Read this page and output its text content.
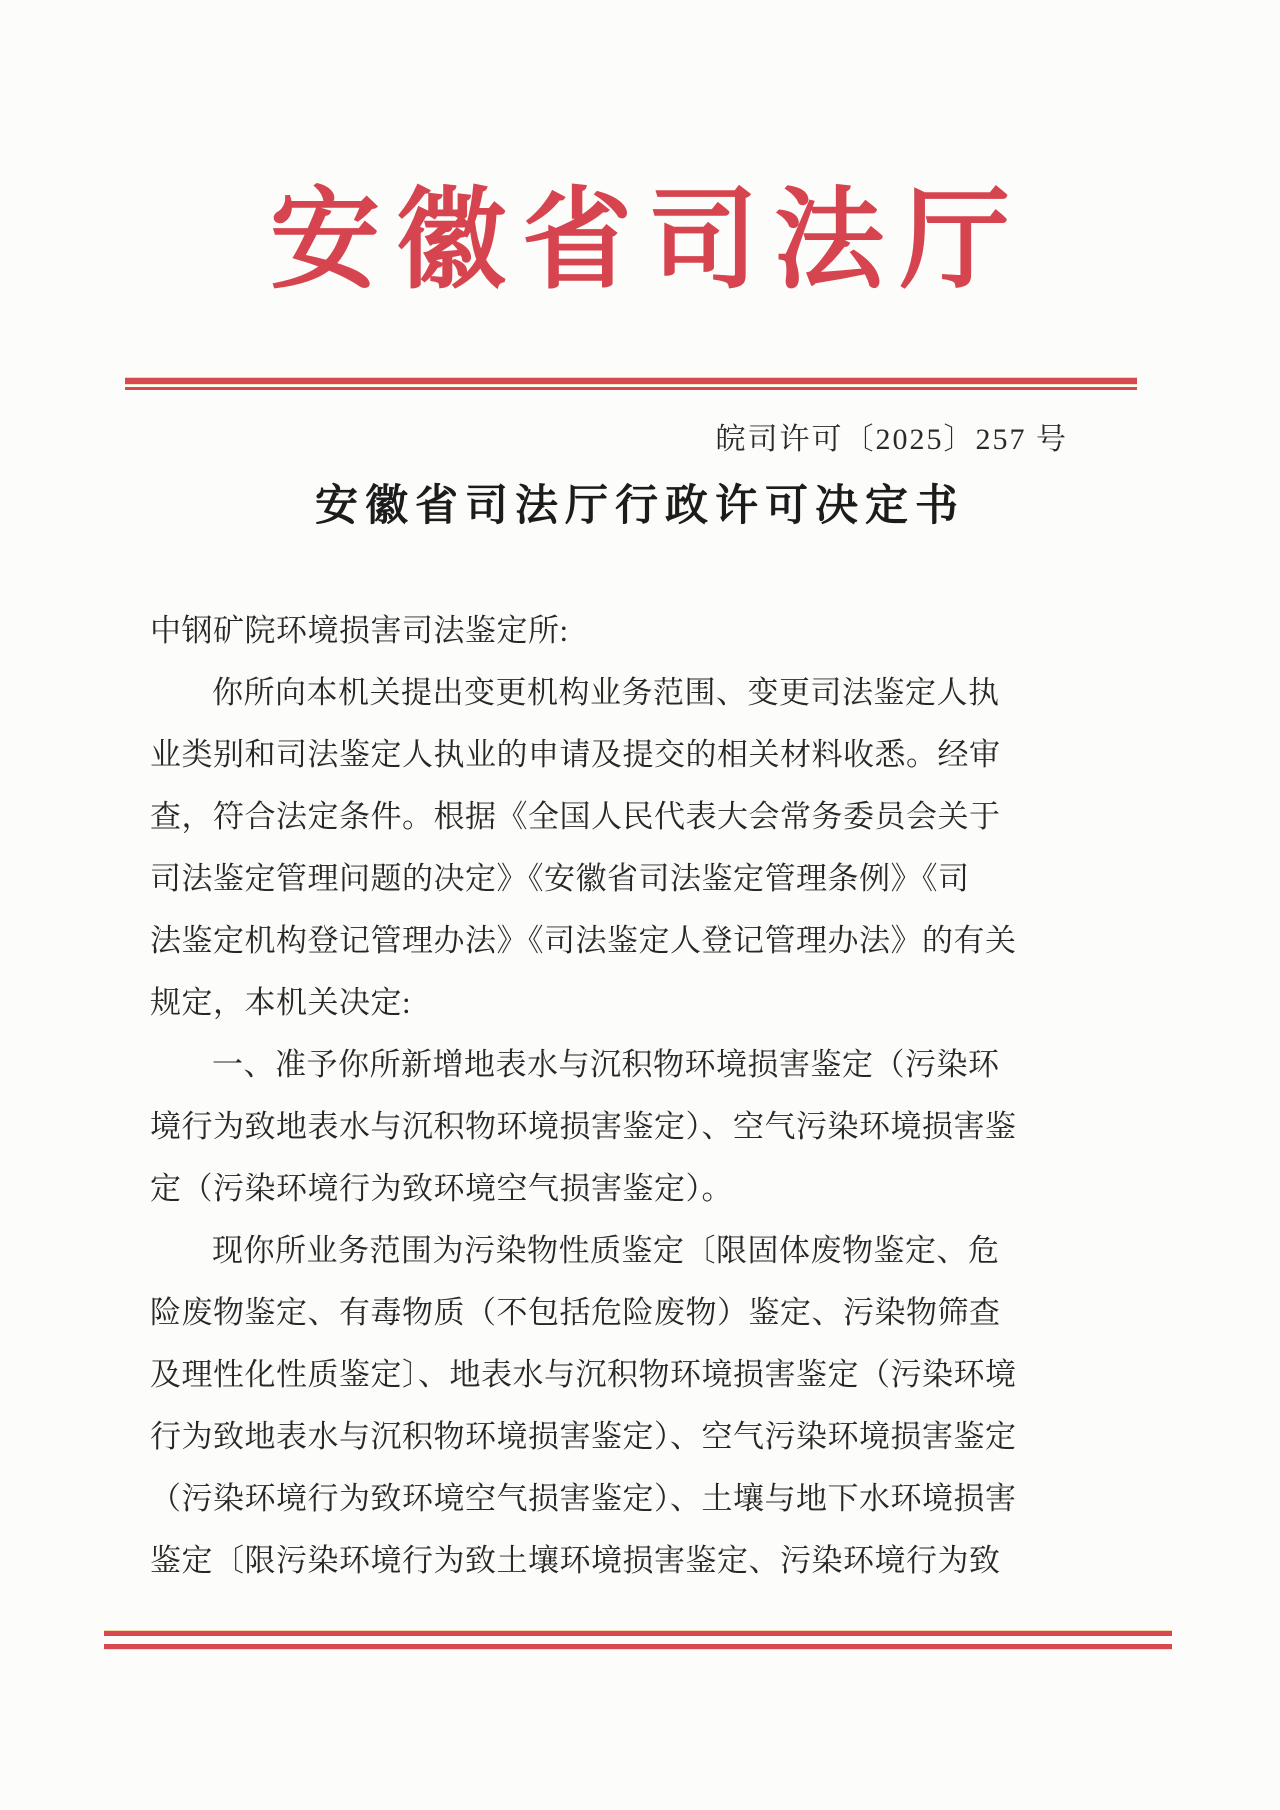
安徽省司法厅
皖司许可〔2025〕257 号
安徽省司法厅行政许可决定书
中钢矿院环境损害司法鉴定所:
你所向本机关提出变更机构业务范围、变更司法鉴定人执
业类别和司法鉴定人执业的申请及提交的相关材料收悉。经审
查，符合法定条件。根据《全国人民代表大会常务委员会关于
司法鉴定管理问题的决定》《安徽省司法鉴定管理条例》《司
法鉴定机构登记管理办法》《司法鉴定人登记管理办法》的有关
规定，本机关决定:
一、准予你所新增地表水与沉积物环境损害鉴定（污染环
境行为致地表水与沉积物环境损害鉴定）、空气污染环境损害鉴
定（污染环境行为致环境空气损害鉴定）。
现你所业务范围为污染物性质鉴定〔限固体废物鉴定、危
险废物鉴定、有毒物质（不包括危险废物）鉴定、污染物筛查
及理性化性质鉴定〕、地表水与沉积物环境损害鉴定（污染环境
行为致地表水与沉积物环境损害鉴定）、空气污染环境损害鉴定
（污染环境行为致环境空气损害鉴定）、土壤与地下水环境损害
鉴定〔限污染环境行为致土壤环境损害鉴定、污染环境行为致
